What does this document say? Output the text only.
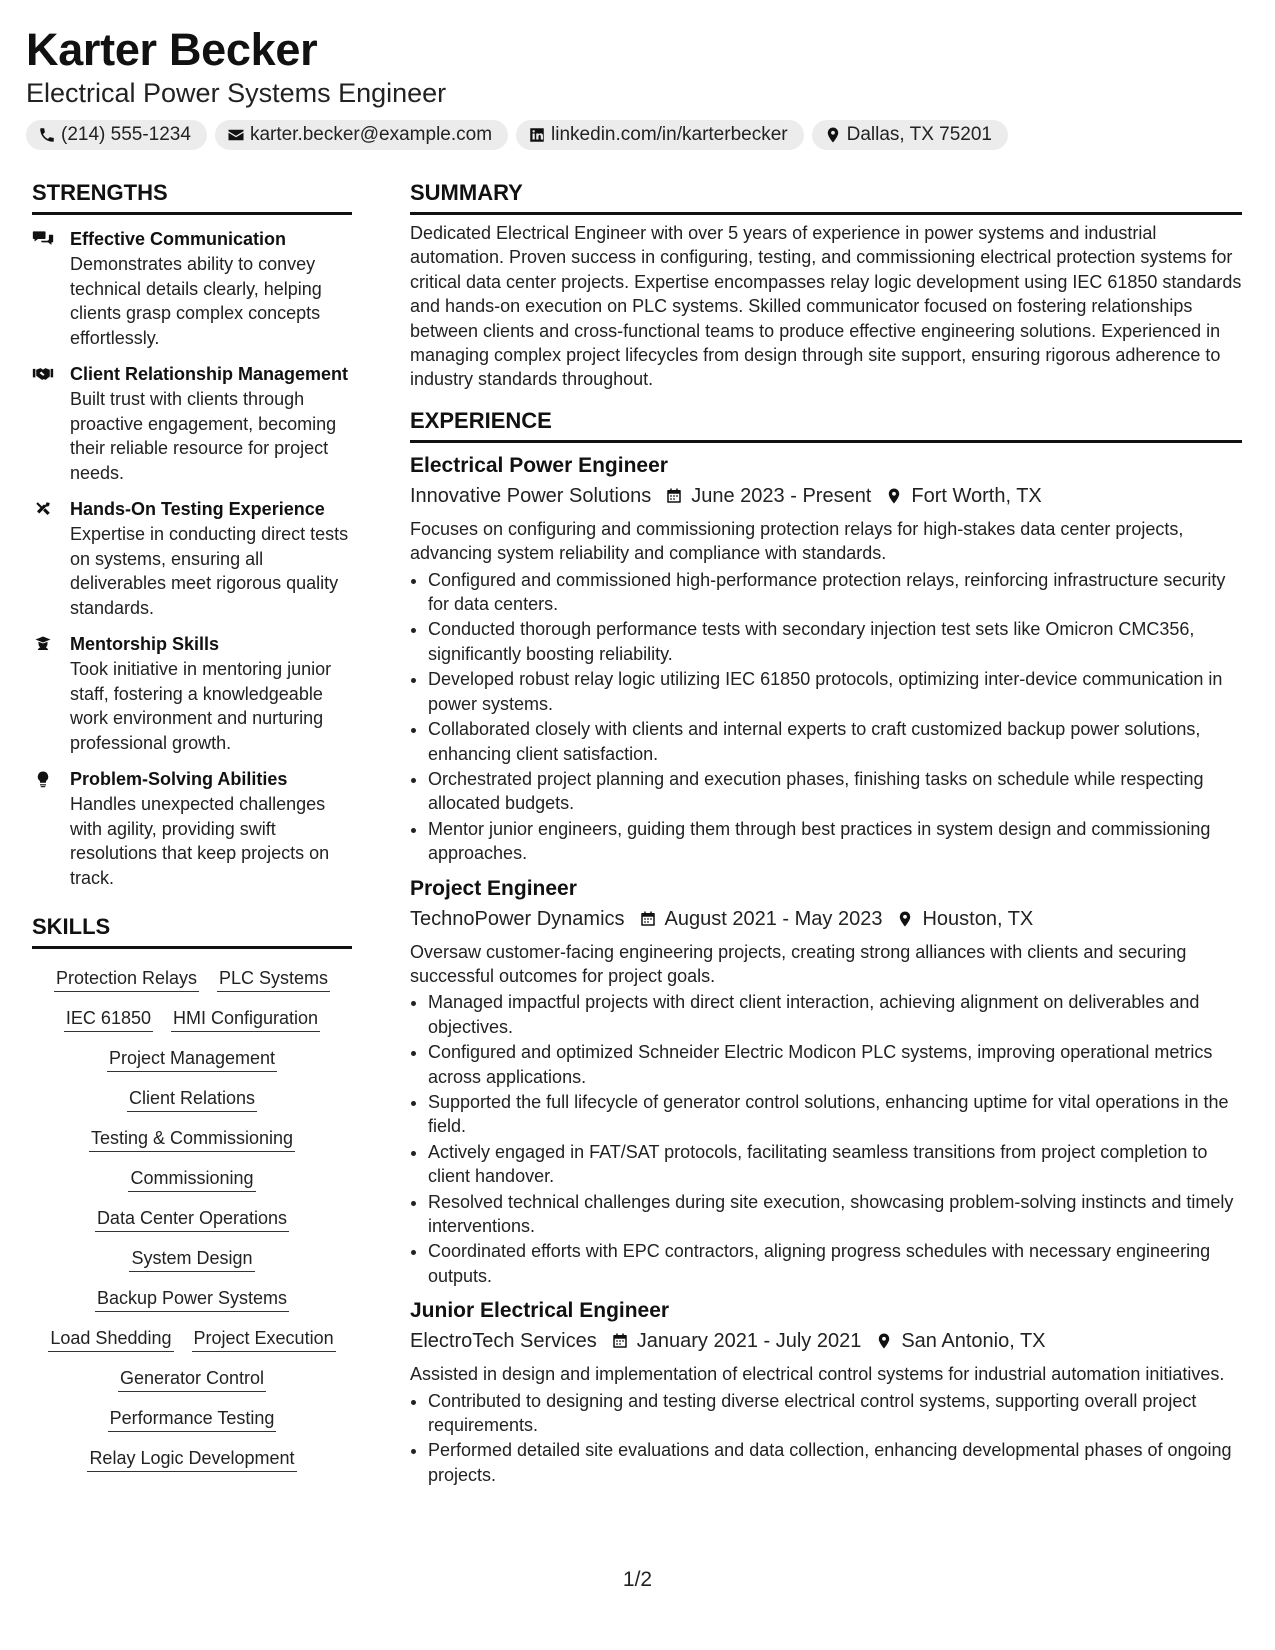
Karter Becker
Electrical Power Systems Engineer
(214) 555-1234	karter.becker@example.com	linkedin.com/in/karterbecker	Dallas, TX 75201
STRENGTHS
Effective Communication
Demonstrates ability to convey technical details clearly, helping clients grasp complex concepts effortlessly.
Client Relationship Management
Built trust with clients through proactive engagement, becoming their reliable resource for project needs.
Hands-On Testing Experience
Expertise in conducting direct tests on systems, ensuring all deliverables meet rigorous quality standards.
Mentorship Skills
Took initiative in mentoring junior staff, fostering a knowledgeable work environment and nurturing professional growth.
Problem-Solving Abilities
Handles unexpected challenges with agility, providing swift resolutions that keep projects on track.
SKILLS
Protection Relays PLC Systems
IEC 61850 HMI Configuration
Project Management
Client Relations
Testing & Commissioning
Commissioning
Data Center Operations
System Design
Backup Power Systems
Load Shedding Project Execution
Generator Control
Performance Testing
Relay Logic Development
SUMMARY
Dedicated Electrical Engineer with over 5 years of experience in power systems and industrial automation. Proven success in configuring, testing, and commissioning electrical protection systems for critical data center projects. Expertise encompasses relay logic development using IEC 61850 standards and hands-on execution on PLC systems. Skilled communicator focused on fostering relationships between clients and cross-functional teams to produce effective engineering solutions. Experienced in managing complex project lifecycles from design through site support, ensuring rigorous adherence to industry standards throughout.
EXPERIENCE
Electrical Power Engineer
Innovative Power Solutions June 2023 - Present Fort Worth, TX
Focuses on configuring and commissioning protection relays for high-stakes data center projects, advancing system reliability and compliance with standards.
• Configured and commissioned high-performance protection relays, reinforcing infrastructure security for data centers.
• Conducted thorough performance tests with secondary injection test sets like Omicron CMC356, significantly boosting reliability.
• Developed robust relay logic utilizing IEC 61850 protocols, optimizing inter-device communication in power systems.
• Collaborated closely with clients and internal experts to craft customized backup power solutions, enhancing client satisfaction.
• Orchestrated project planning and execution phases, finishing tasks on schedule while respecting allocated budgets.
• Mentor junior engineers, guiding them through best practices in system design and commissioning approaches.
Project Engineer
TechnoPower Dynamics August 2021 - May 2023 Houston, TX
Oversaw customer-facing engineering projects, creating strong alliances with clients and securing successful outcomes for project goals.
• Managed impactful projects with direct client interaction, achieving alignment on deliverables and objectives.
• Configured and optimized Schneider Electric Modicon PLC systems, improving operational metrics across applications.
• Supported the full lifecycle of generator control solutions, enhancing uptime for vital operations in the field.
• Actively engaged in FAT/SAT protocols, facilitating seamless transitions from project completion to client handover.
• Resolved technical challenges during site execution, showcasing problem-solving instincts and timely interventions.
• Coordinated efforts with EPC contractors, aligning progress schedules with necessary engineering outputs.
Junior Electrical Engineer
ElectroTech Services January 2021 - July 2021 San Antonio, TX
Assisted in design and implementation of electrical control systems for industrial automation initiatives.
• Contributed to designing and testing diverse electrical control systems, supporting overall project requirements.
• Performed detailed site evaluations and data collection, enhancing developmental phases of ongoing projects.
1/2
